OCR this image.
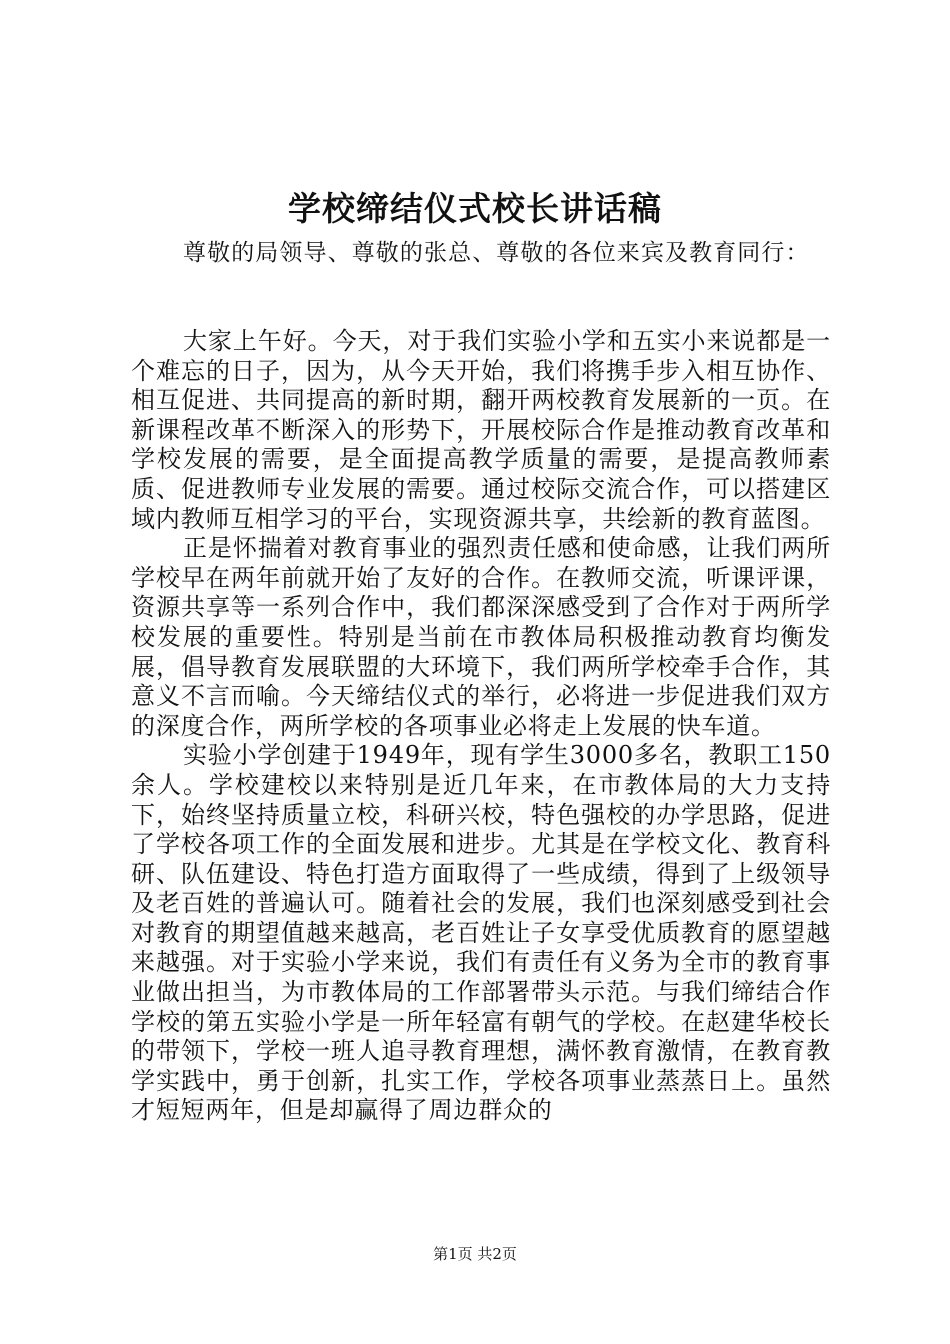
学校缔结仪式校长讲话稿

尊敬的局领导、尊敬的张总、尊敬的各位来宾及教育同行：

大家上午好。今天，对于我们实验小学和五实小来说都是一个难忘的日子，因为，从今天开始，我们将携手步入相互协作、相互促进、共同提高的新时期，翻开两校教育发展新的一页。在新课程改革不断深入的形势下，开展校际合作是推动教育改革和学校发展的需要，是全面提高教学质量的需要，是提高教师素质、促进教师专业发展的需要。通过校际交流合作，可以搭建区域内教师互相学习的平台，实现资源共享，共绘新的教育蓝图。

正是怀揣着对教育事业的强烈责任感和使命感，让我们两所学校早在两年前就开始了友好的合作。在教师交流，听课评课，资源共享等一系列合作中，我们都深深感受到了合作对于两所学校发展的重要性。特别是当前在市教体局积极推动教育均衡发展，倡导教育发展联盟的大环境下，我们两所学校牵手合作，其意义不言而喻。今天缔结仪式的举行，必将进一步促进我们双方的深度合作，两所学校的各项事业必将走上发展的快车道。

实验小学创建于1949年，现有学生3000多名，教职工150余人。学校建校以来特别是近几年来，在市教体局的大力支持下，始终坚持质量立校，科研兴校，特色强校的办学思路，促进了学校各项工作的全面发展和进步。尤其是在学校文化、教育科研、队伍建设、特色打造方面取得了一些成绩，得到了上级领导及老百姓的普遍认可。随着社会的发展，我们也深刻感受到社会对教育的期望值越来越高，老百姓让子女享受优质教育的愿望越来越强。对于实验小学来说，我们有责任有义务为全市的教育事业做出担当，为市教体局的工作部署带头示范。与我们缔结合作学校的第五实验小学是一所年轻富有朝气的学校。在赵建华校长的带领下，学校一班人追寻教育理想，满怀教育激情，在教育教学实践中，勇于创新，扎实工作，学校各项事业蒸蒸日上。虽然才短短两年，但是却赢得了周边群众的

第1页 共2页
